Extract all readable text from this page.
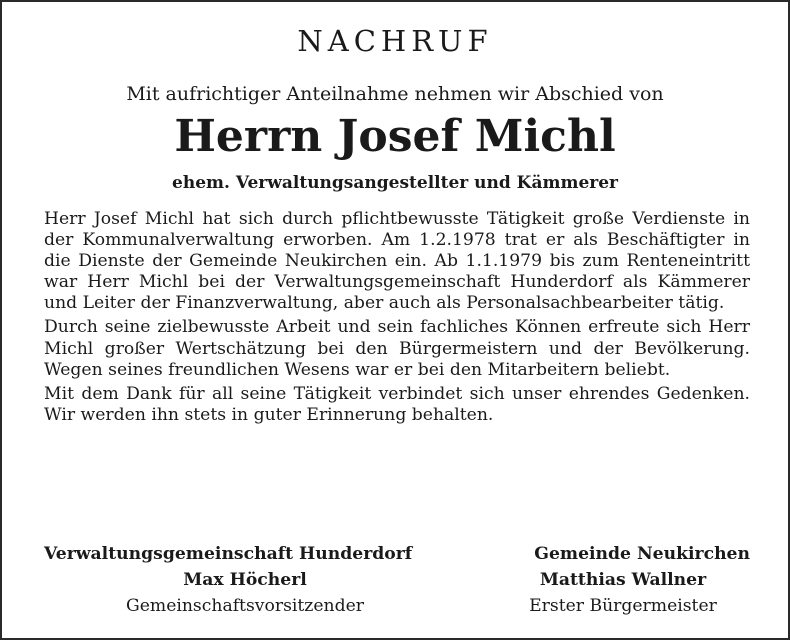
NACHRUF
Mit aufrichtiger Anteilnahme nehmen wir Abschied von
Herrn Josef Michl
ehem. Verwaltungsangestellter und Kämmerer

Herr Josef Michl hat sich durch pflichtbewusste Tätigkeit große Verdienste in der Kommunalverwaltung erworben. Am 1.2.1978 trat er als Beschäftigter in die Dienste der Gemeinde Neukirchen ein. Ab 1.1.1979 bis zum Renteneintritt war Herr Michl bei der Verwaltungsgemeinschaft Hunderdorf als Kämmerer und Leiter der Finanzverwaltung, aber auch als Personalsachbearbeiter tätig.

Durch seine zielbewusste Arbeit und sein fachliches Können erfreute sich Herr Michl großer Wertschätzung bei den Bürgermeistern und der Bevölkerung. Wegen seines freundlichen Wesens war er bei den Mitarbeitern beliebt.

Mit dem Dank für all seine Tätigkeit verbindet sich unser ehrendes Gedenken. Wir werden ihn stets in guter Erinnerung behalten.

Verwaltungsgemeinschaft Hunderdorf
Max Höcherl
Gemeinschaftsvorsitzender
Gemeinde Neukirchen
Matthias Wallner
Erster Bürgermeister
